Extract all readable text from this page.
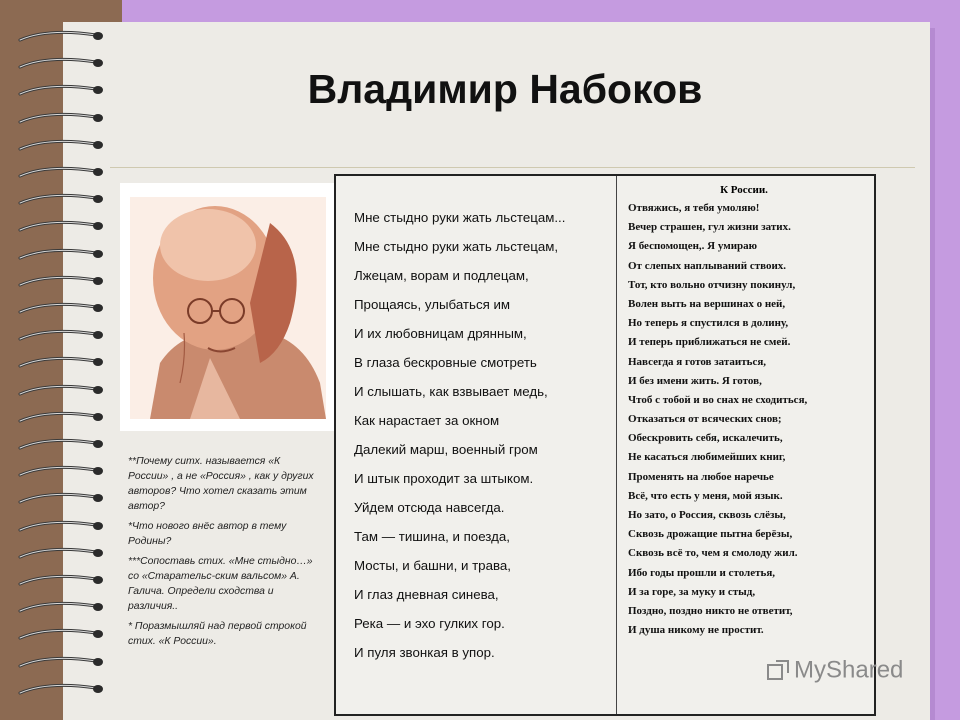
Владимир Набоков

**Почему ситх. называется «К России» , а не «Россия» , как у других авторов? Что хотел сказать этим автор?

*Что нового внёс автор в тему Родины?

***Сопоставь стих. «Мне стыдно…» со «Старательс-ским вальсом» А. Галича. Определи сходства и различия..

* Поразмышляй над первой строкой стих. «К России».

Мне стыдно руки жать льстецам...
Мне стыдно руки жать льстецам,
Лжецам, ворам и подлецам,
Прощаясь, улыбаться им
И их любовницам дрянным,
В глаза бескровные смотреть
И слышать, как взвывает медь,
Как нарастает за окном
Далекий марш, военный гром
И штык проходит за штыком.
Уйдем отсюда навсегда.
Там — тишина, и поезда,
Мосты, и башни, и трава,
И глаз дневная синева,
Река — и эхо гулких гор.
И пуля звонкая в упор.
К России.
Отвяжись, я тебя умоляю!
Вечер страшен, гул жизни затих.
Я беспомощен,. Я умираю
От слепых наплываний ствоих.
Тот, кто вольно отчизну покинул,
Волен выть на вершинах о ней,
Но теперь я спустился в долину,
И теперь приближаться не смей.
Навсегда я готов затаиться,
И без имени жить. Я готов,
Чтоб с тобой и во снах не сходиться,
Отказаться от всяческих снов;
Обескровить себя, искалечить,
Не касаться любимейших книг,
Променять на любое наречье
Всё, что есть у меня, мой язык.
Но зато, о Россия, сквозь слёзы,
Сквозь дрожащие пытна берёзы,
Сквозь всё то, чем я смолоду жил.
Ибо годы прошли и столетья,
И за горе, за муку и стыд,
Поздно, поздно никто не ответит,
И душа никому не простит.
MyShared
